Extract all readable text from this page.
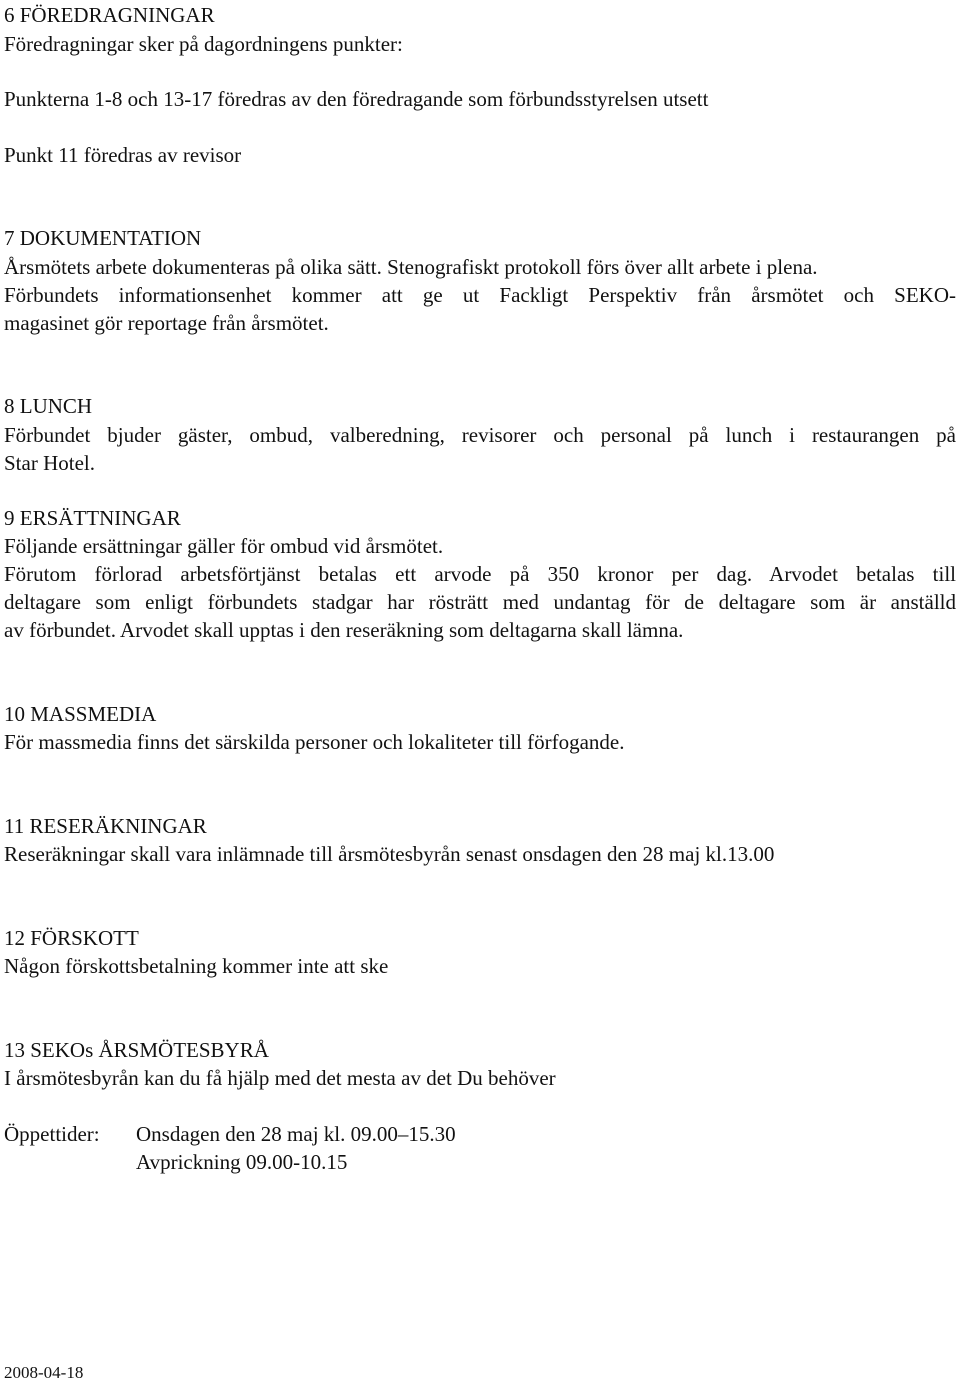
6 FÖREDRAGNINGAR
Föredragningar sker på dagordningens punkter:
Punkterna 1-8 och 13-17 föredras av den föredragande som förbundsstyrelsen utsett
Punkt 11 föredras av revisor
7 DOKUMENTATION
Årsmötets arbete dokumenteras på olika sätt. Stenografiskt protokoll förs över allt arbete i plena.
Förbundets informationsenhet kommer att ge ut Fackligt Perspektiv från årsmötet och SEKO-
magasinet gör reportage från årsmötet.
8 LUNCH
Förbundet bjuder gäster, ombud, valberedning, revisorer och personal på lunch i restaurangen på
Star Hotel.
9 ERSÄTTNINGAR
Följande ersättningar gäller för ombud vid årsmötet.
Förutom förlorad arbetsförtjänst betalas ett arvode på 350 kronor per dag. Arvodet betalas till
deltagare som enligt förbundets stadgar har rösträtt med undantag för de deltagare som är anställd
av förbundet. Arvodet skall upptas i den reseräkning som deltagarna skall lämna.
10 MASSMEDIA
För massmedia finns det särskilda personer och lokaliteter till förfogande.
11 RESERÄKNINGAR
Reseräkningar skall vara inlämnade till årsmötesbyrån senast onsdagen den 28 maj kl.13.00
12 FÖRSKOTT
Någon förskottsbetalning kommer inte att ske
13 SEKOs ÅRSMÖTESBYRÅ
I årsmötesbyrån kan du få hjälp med det mesta av det Du behöver
Öppettider: Onsdagen den 28 maj kl. 09.00–15.30
Avprickning 09.00-10.15
2008-04-18
